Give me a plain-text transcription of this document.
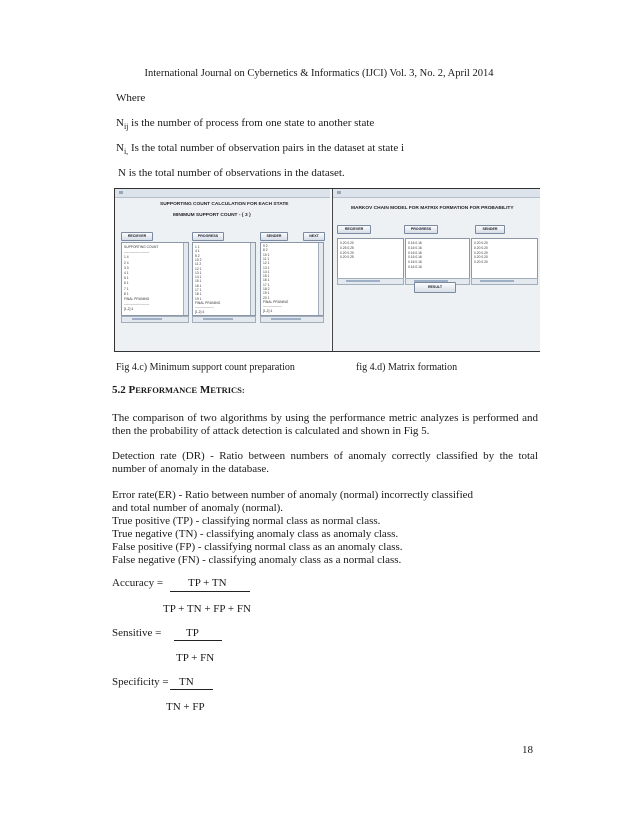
International Journal on Cybernetics & Informatics (IJCI) Vol. 3, No. 2, April 2014
Where
$N_{ij}$ is the number of process from one state to another state
$N_{i,}$ Is the total number of observation pairs in the dataset at state i
N is the total number of observations in the dataset.
SUPPORTING COUNT CALCULATION FOR EACH STATE
MINIMUM SUPPORT COUNT - { 3 }
RECIEVER	PROGRESS	SENDER	NEXT
SUPPORTING COUNT
-----------------------
1 4
2 4
3 3
4 1
5 1
6 1
7 1
8 1
FINAL PRUNING
-----------------------
[1,2] 4
1 1
4 1
5 2
10 2
11 2
12 1
13 1
14 1
15 1
16 1
17 1
18 1
19 1
FINAL PRUNING
-----------------
[1,2] 4
9 2
8 2
10 1
11 1
12 1
13 1
14 1
15 1
16 1
17 1
18 2
19 1
20 1
FINAL PRUNING
-----------------
[1,2] 4
MARKOV CHAIN MODEL FOR MATRIX FORMATION FOR PROBABILITY
RECIEVER	PROGRESS	SENDER
0.20 0.20
0.25 0.25
0.20 0.20
0.20 0.25
0.16 0.16
0.16 0.16
0.16 0.16
0.16 0.16
0.16 0.16
0.16 0.16
0.20 0.20
0.20 0.20
0.20 0.20
0.20 0.20
0.20 0.20
RESULT
Fig 4.c) Minimum support count preparation	fig 4.d) Matrix formation
5.2 PERFORMANCE METRICS:
The comparison of two algorithms by using the performance metric analyzes is performed and then the probability of attack detection is calculated and shown in Fig 5.
Detection rate (DR) - Ratio between numbers of anomaly correctly classified by the total number of anomaly in the database.
Error rate(ER) - Ratio between number of anomaly (normal) incorrectly classified
and total number of anomaly (normal).
True positive (TP) - classifying normal class as normal class.
True negative (TN) - classifying anomaly class as anomaly class.
False positive (FP) - classifying normal class as an anomaly class.
False negative (FN) - classifying anomaly class as a normal class.
Accuracy = TP + TN
TP + TN + FP + FN
Sensitive = TP
TP + FN
Specificity = TN
TN + FP
18
